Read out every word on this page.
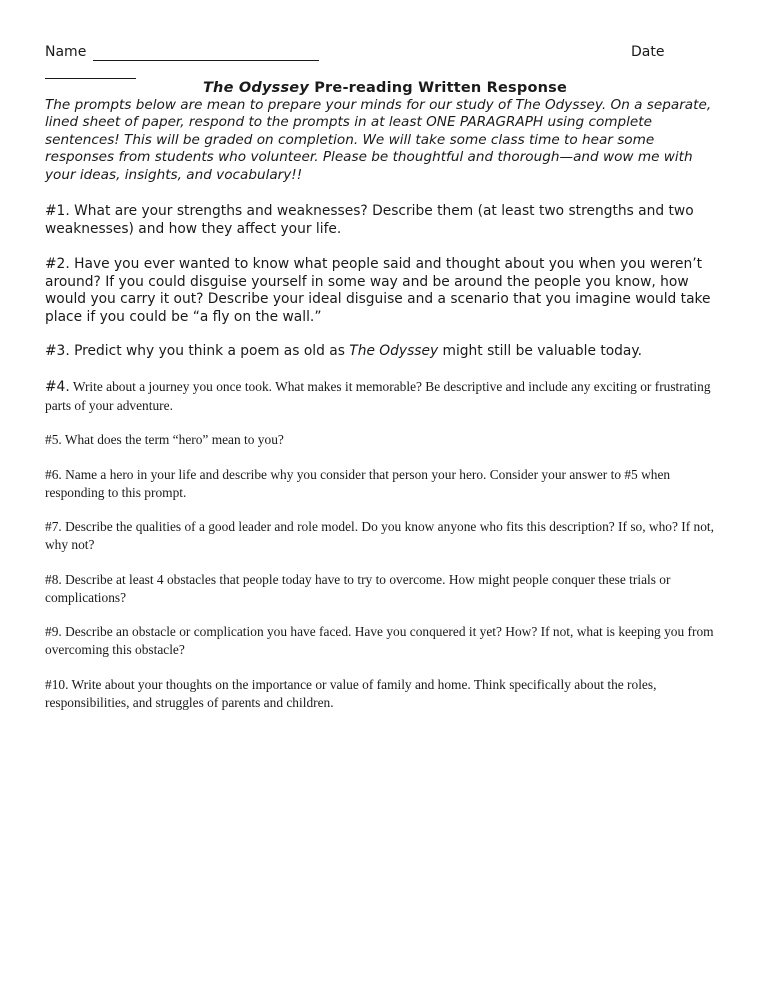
Name	Date
The Odyssey Pre-reading Written Response
The prompts below are mean to prepare your minds for our study of The Odyssey. On a separate, lined sheet of paper, respond to the prompts in at least ONE PARAGRAPH using complete sentences! This will be graded on completion. We will take some class time to hear some responses from students who volunteer. Please be thoughtful and thorough—and wow me with your ideas, insights, and vocabulary!!
#1. What are your strengths and weaknesses? Describe them (at least two strengths and two weaknesses) and how they affect your life.
#2. Have you ever wanted to know what people said and thought about you when you weren’t around? If you could disguise yourself in some way and be around the people you know, how would you carry it out? Describe your ideal disguise and a scenario that you imagine would take place if you could be “a fly on the wall.”
#3. Predict why you think a poem as old as The Odyssey might still be valuable today.
#4. Write about a journey you once took. What makes it memorable? Be descriptive and include any exciting or frustrating parts of your adventure.
#5. What does the term “hero” mean to you?
#6. Name a hero in your life and describe why you consider that person your hero. Consider your answer to #5 when responding to this prompt.
#7. Describe the qualities of a good leader and role model. Do you know anyone who fits this description? If so, who? If not, why not?
#8. Describe at least 4 obstacles that people today have to try to overcome. How might people conquer these trials or complications?
#9. Describe an obstacle or complication you have faced. Have you conquered it yet? How? If not, what is keeping you from overcoming this obstacle?
#10. Write about your thoughts on the importance or value of family and home. Think specifically about the roles, responsibilities, and struggles of parents and children.
